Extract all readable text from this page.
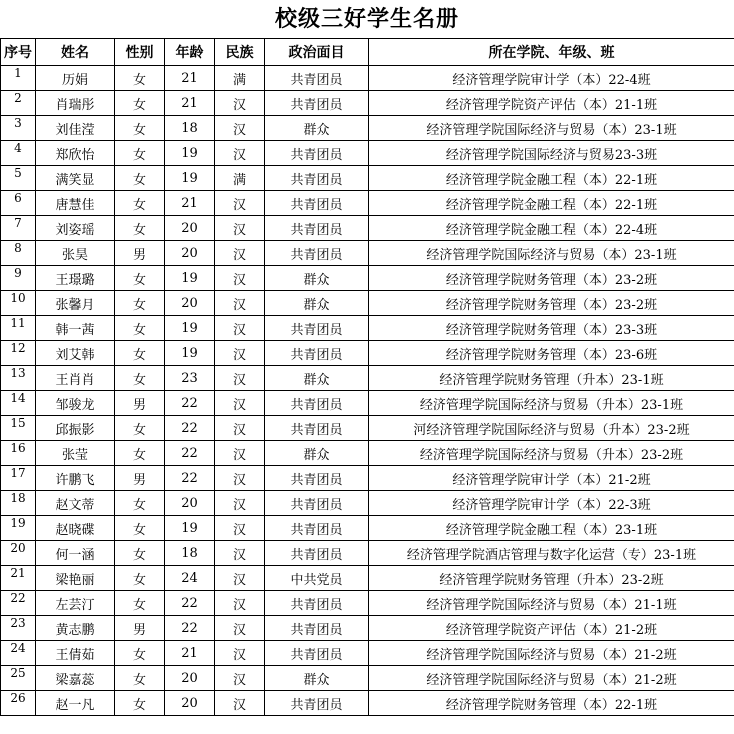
校级三好学生名册
序号	姓名	性别	年龄	民族	政治面目	所在学院、年级、班
1	历娟	女	21	满	共青团员	经济管理学院审计学（本）22-4班
2	肖瑞彤	女	21	汉	共青团员	经济管理学院资产评估（本）21-1班
3	刘佳滢	女	18	汉	群众	经济管理学院国际经济与贸易（本）23-1班
4	郑欣怡	女	19	汉	共青团员	经济管理学院国际经济与贸易23-3班
5	满笑显	女	19	满	共青团员	经济管理学院金融工程（本）22-1班
6	唐慧佳	女	21	汉	共青团员	经济管理学院金融工程（本）22-1班
7	刘姿瑶	女	20	汉	共青团员	经济管理学院金融工程（本）22-4班
8	张昊	男	20	汉	共青团员	经济管理学院国际经济与贸易（本）23-1班
9	王璟璐	女	19	汉	群众	经济管理学院财务管理（本）23-2班
10	张馨月	女	20	汉	群众	经济管理学院财务管理（本）23-2班
11	韩一茜	女	19	汉	共青团员	经济管理学院财务管理（本）23-3班
12	刘艾韩	女	19	汉	共青团员	经济管理学院财务管理（本）23-6班
13	王肖肖	女	23	汉	群众	经济管理学院财务管理（升本）23-1班
14	邹骏龙	男	22	汉	共青团员	经济管理学院国际经济与贸易（升本）23-1班
15	邱振影	女	22	汉	共青团员	河经济管理学院国际经济与贸易（升本）23-2班
16	张莹	女	22	汉	群众	经济管理学院国际经济与贸易（升本）23-2班
17	许鹏飞	男	22	汉	共青团员	经济管理学院审计学（本）21-2班
18	赵文蒂	女	20	汉	共青团员	经济管理学院审计学（本）22-3班
19	赵晓碟	女	19	汉	共青团员	经济管理学院金融工程（本）23-1班
20	何一涵	女	18	汉	共青团员	经济管理学院酒店管理与数字化运营（专）23-1班
21	梁艳丽	女	24	汉	中共党员	经济管理学院财务管理（升本）23-2班
22	左芸汀	女	22	汉	共青团员	经济管理学院国际经济与贸易（本）21-1班
23	黄志鹏	男	22	汉	共青团员	经济管理学院资产评估（本）21-2班
24	王倩茹	女	21	汉	共青团员	经济管理学院国际经济与贸易（本）21-2班
25	梁嘉蕊	女	20	汉	群众	经济管理学院国际经济与贸易（本）21-2班
26	赵一凡	女	20	汉	共青团员	经济管理学院财务管理（本）22-1班
